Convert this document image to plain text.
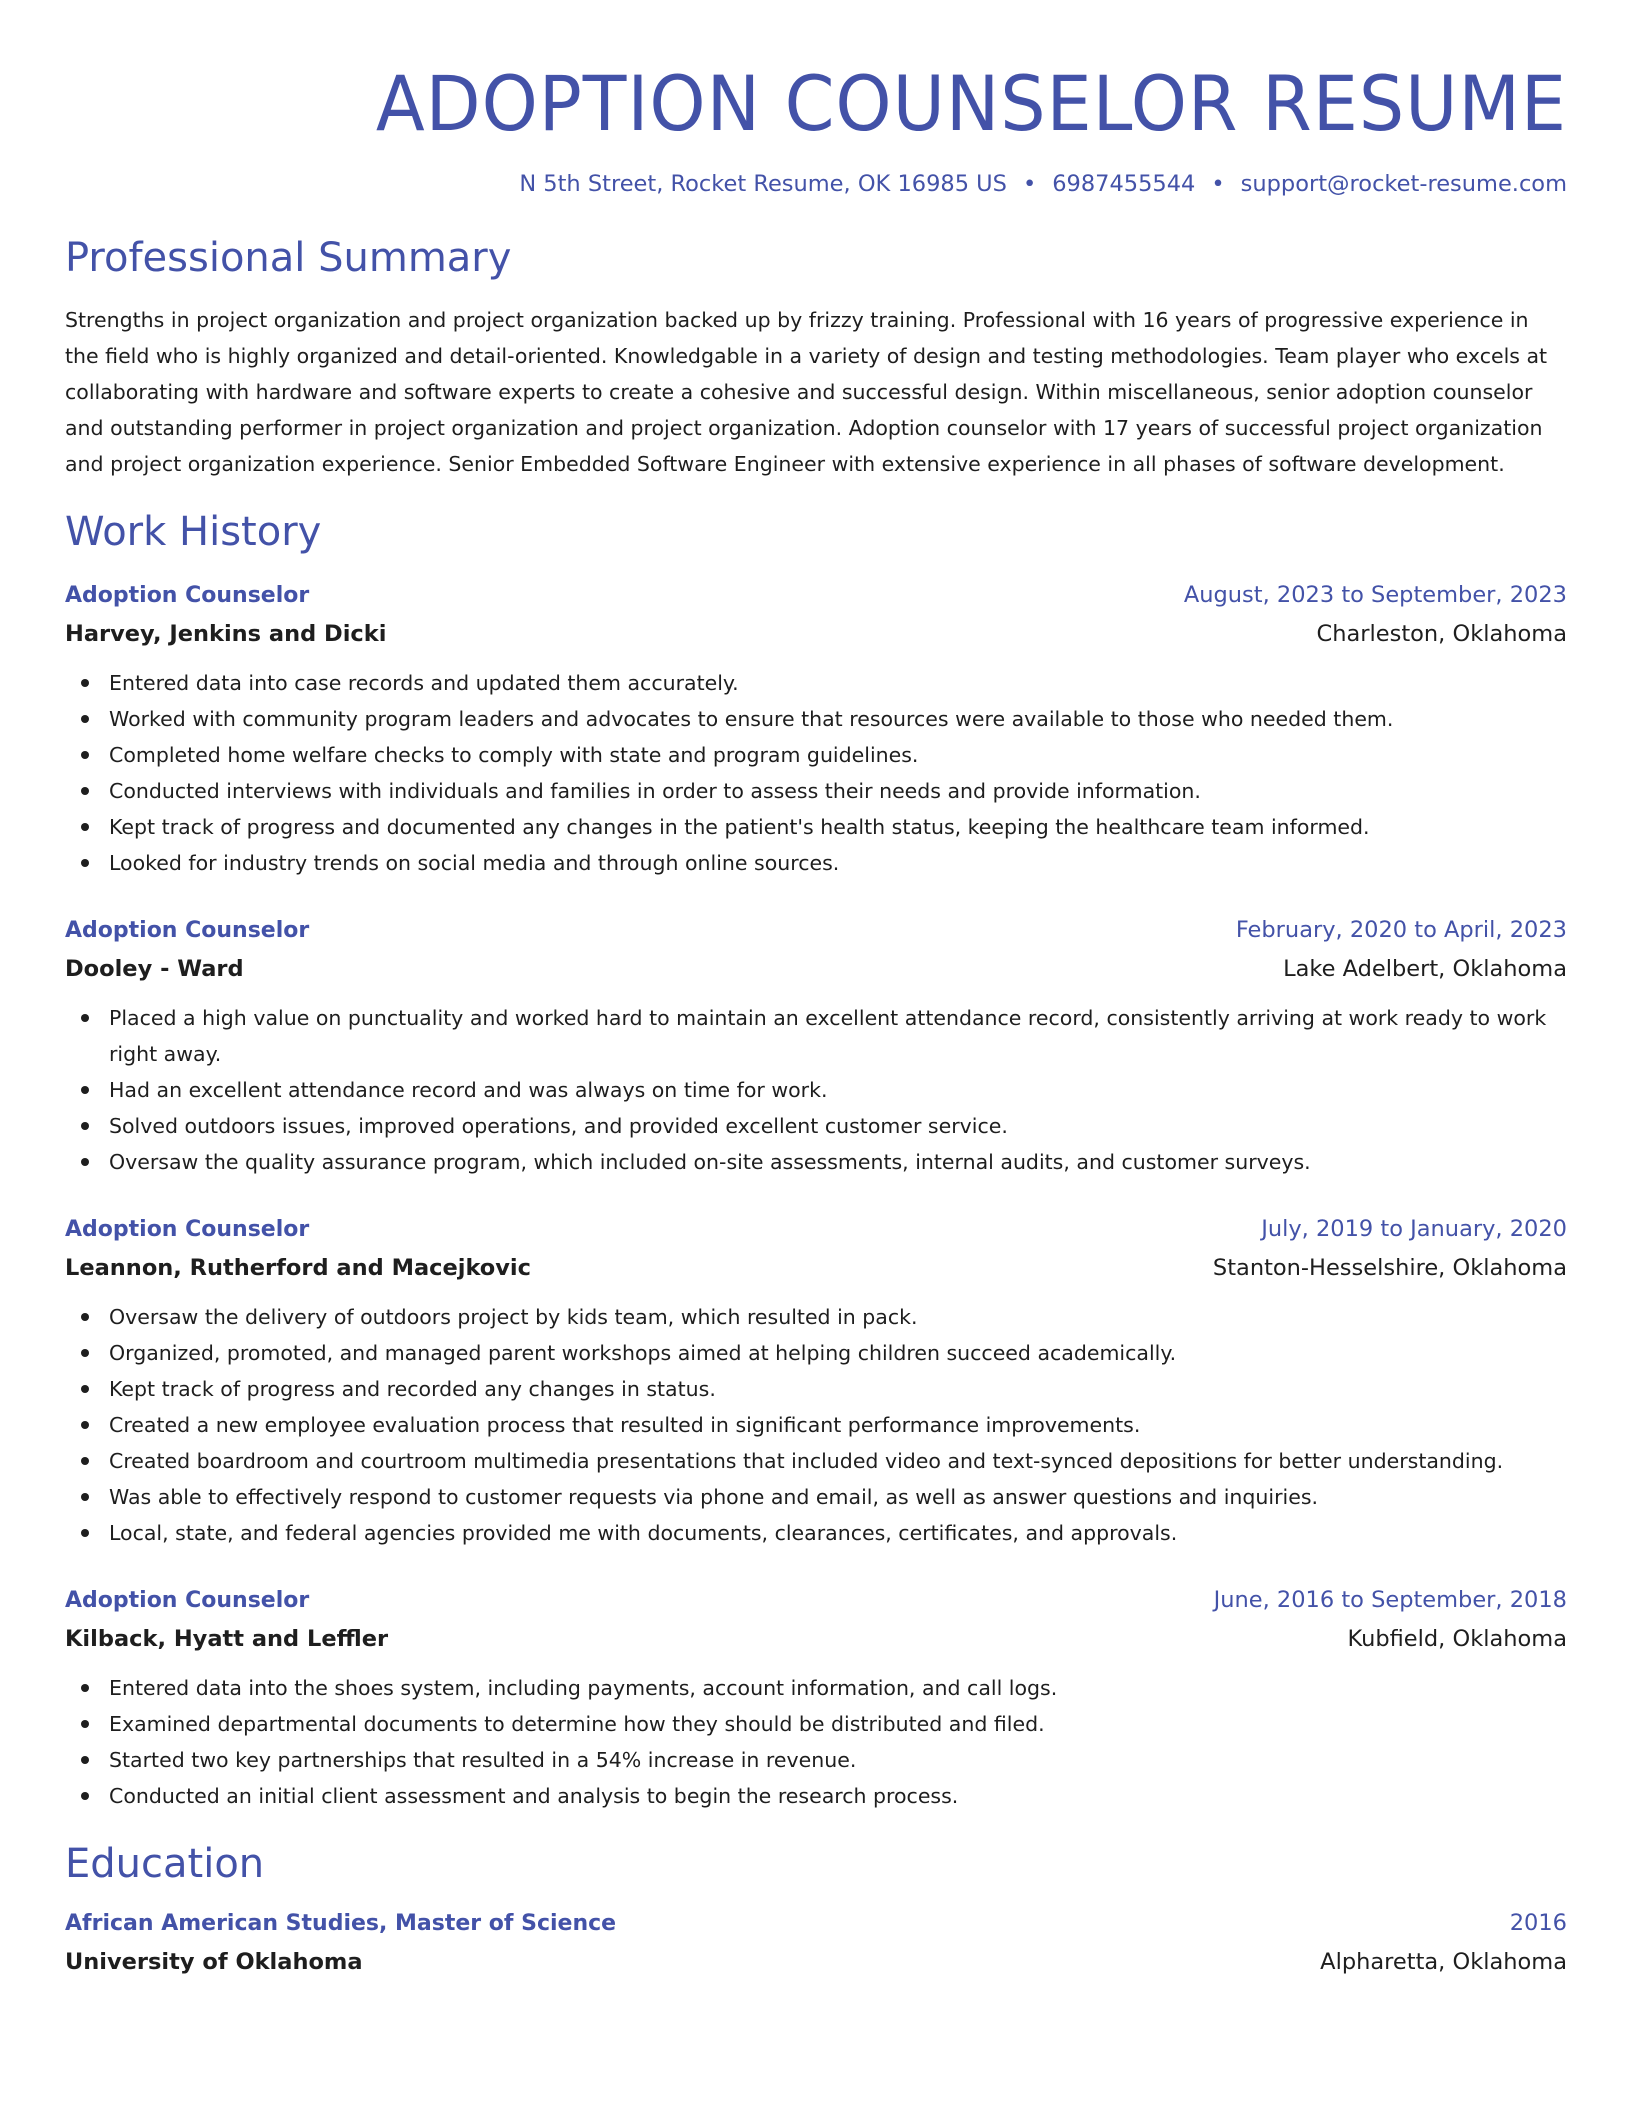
ADOPTION COUNSELOR RESUME
N 5th Street, Rocket Resume, OK 16985 US • 6987455544 • support@rocket-resume.com
Professional Summary

Strengths in project organization and project organization backed up by frizzy training. Professional with 16 years of progressive experience in the field who is highly organized and detail-oriented. Knowledgable in a variety of design and testing methodologies. Team player who excels at collaborating with hardware and software experts to create a cohesive and successful design. Within miscellaneous, senior adoption counselor and outstanding performer in project organization and project organization. Adoption counselor with 17 years of successful project organization and project organization experience. Senior Embedded Software Engineer with extensive experience in all phases of software development.

Work History
Adoption Counselor	August, 2023 to September, 2023
Harvey, Jenkins and Dicki	Charleston, Oklahoma
Entered data into case records and updated them accurately.
Worked with community program leaders and advocates to ensure that resources were available to those who needed them.
Completed home welfare checks to comply with state and program guidelines.
Conducted interviews with individuals and families in order to assess their needs and provide information.
Kept track of progress and documented any changes in the patient's health status, keeping the healthcare team informed.
Looked for industry trends on social media and through online sources.
Adoption Counselor	February, 2020 to April, 2023
Dooley - Ward	Lake Adelbert, Oklahoma
Placed a high value on punctuality and worked hard to maintain an excellent attendance record, consistently arriving at work ready to work right away.
Had an excellent attendance record and was always on time for work.
Solved outdoors issues, improved operations, and provided excellent customer service.
Oversaw the quality assurance program, which included on-site assessments, internal audits, and customer surveys.
Adoption Counselor	July, 2019 to January, 2020
Leannon, Rutherford and Macejkovic	Stanton-Hesselshire, Oklahoma
Oversaw the delivery of outdoors project by kids team, which resulted in pack.
Organized, promoted, and managed parent workshops aimed at helping children succeed academically.
Kept track of progress and recorded any changes in status.
Created a new employee evaluation process that resulted in significant performance improvements.
Created boardroom and courtroom multimedia presentations that included video and text-synced depositions for better understanding.
Was able to effectively respond to customer requests via phone and email, as well as answer questions and inquiries.
Local, state, and federal agencies provided me with documents, clearances, certificates, and approvals.
Adoption Counselor	June, 2016 to September, 2018
Kilback, Hyatt and Leffler	Kubfield, Oklahoma
Entered data into the shoes system, including payments, account information, and call logs.
Examined departmental documents to determine how they should be distributed and filed.
Started two key partnerships that resulted in a 54% increase in revenue.
Conducted an initial client assessment and analysis to begin the research process.
Education
African American Studies, Master of Science	2016
University of Oklahoma	Alpharetta, Oklahoma
